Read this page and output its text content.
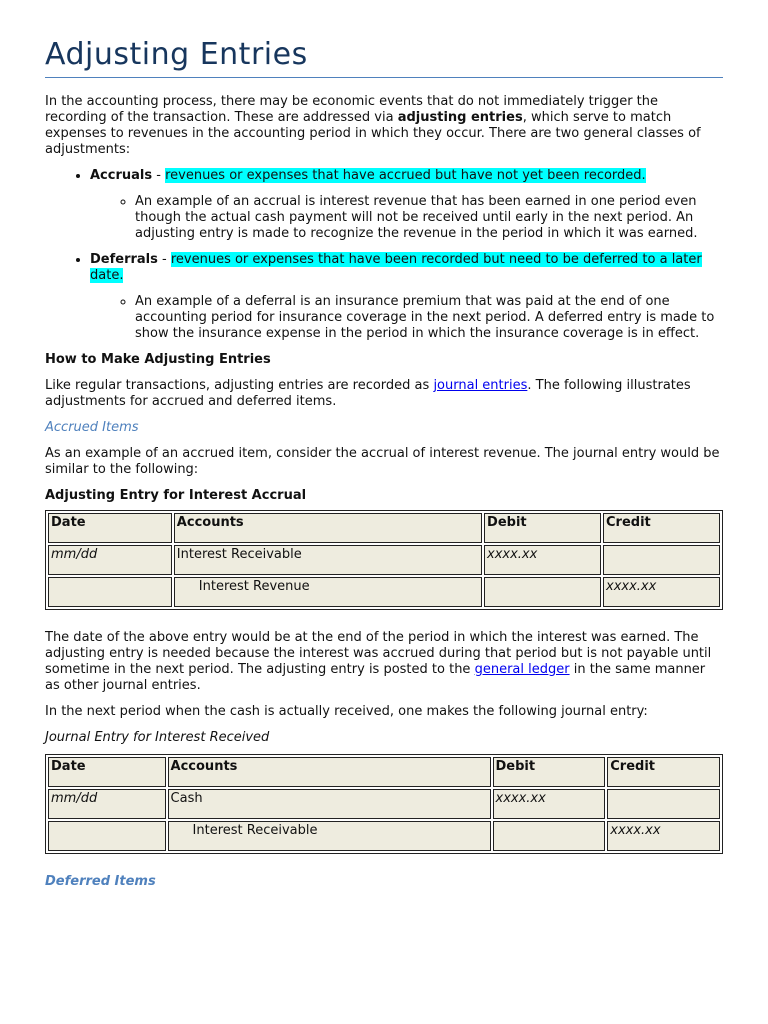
Adjusting Entries

In the accounting process, there may be economic events that do not immediately trigger the recording of the transaction. These are addressed via adjusting entries, which serve to match expenses to revenues in the accounting period in which they occur. There are two general classes of adjustments:

• Accruals - revenues or expenses that have accrued but have not yet been recorded.
◦ An example of an accrual is interest revenue that has been earned in one period even though the actual cash payment will not be received until early in the next period. An adjusting entry is made to recognize the revenue in the period in which it was earned.
• Deferrals - revenues or expenses that have been recorded but need to be deferred to a later date.
◦ An example of a deferral is an insurance premium that was paid at the end of one accounting period for insurance coverage in the next period. A deferred entry is made to show the insurance expense in the period in which the insurance coverage is in effect.
How to Make Adjusting Entries

Like regular transactions, adjusting entries are recorded as journal entries. The following illustrates adjustments for accrued and deferred items.

Accrued Items

As an example of an accrued item, consider the accrual of interest revenue. The journal entry would be similar to the following:

Adjusting Entry for Interest Accrual
Date	Accounts	Debit	Credit
mm/dd	Interest Receivable	xxxx.xx	
	Interest Revenue		xxxx.xx

The date of the above entry would be at the end of the period in which the interest was earned. The adjusting entry is needed because the interest was accrued during that period but is not payable until sometime in the next period. The adjusting entry is posted to the general ledger in the same manner as other journal entries.

In the next period when the cash is actually received, one makes the following journal entry:

Journal Entry for Interest Received
Date	Accounts	Debit	Credit
mm/dd	Cash	xxxx.xx	
	Interest Receivable		xxxx.xx
Deferred Items
